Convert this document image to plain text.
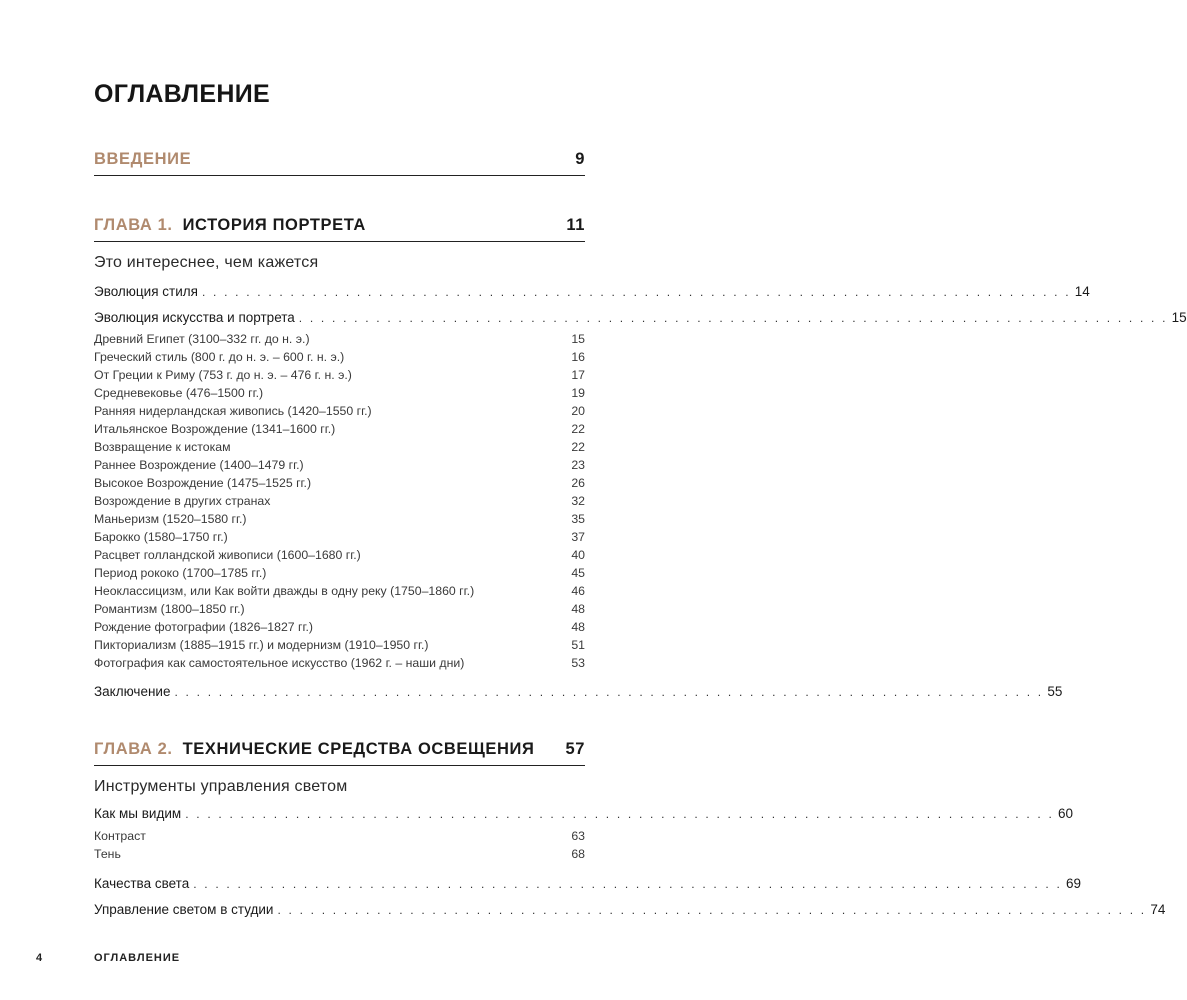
ОГЛАВЛЕНИЕ
ВВЕДЕНИЕ	9
ГЛАВА 1. ИСТОРИЯ ПОРТРЕТА	11
Это интереснее, чем кажется
Эволюция стиля . . . . . . . . . . . . . . . . . . . . . . . . . . . . . . . . . . . . . . . . . . . . . . . . . . . . . . . . . . . . . . . . . . . . . . . . . . . . . . . 14
Эволюция искусства и портрета . . . . . . . . . . . . . . . . . . . . . . . . . . . . . . . . . . . . . . . . . . . . . . . . . . . . . . . . . . . . . . . . . . . . . . . . . . . . . . . 15
Древний Египет (3100–332 гг. до н. э.)	15
Греческий стиль (800 г. до н. э. – 600 г. н. э.)	16
От Греции к Риму (753 г. до н. э. – 476 г. н. э.)	17
Средневековье (476–1500 гг.)	19
Ранняя нидерландская живопись (1420–1550 гг.)	20
Итальянское Возрождение (1341–1600 гг.)	22
Возвращение к истокам	22
Раннее Возрождение (1400–1479 гг.)	23
Высокое Возрождение (1475–1525 гг.)	26
Возрождение в других странах	32
Маньеризм (1520–1580 гг.)	35
Барокко (1580–1750 гг.)	37
Расцвет голландской живописи (1600–1680 гг.)	40
Период рококо (1700–1785 гг.)	45
Неоклассицизм, или Как войти дважды в одну реку (1750–1860 гг.)	46
Романтизм (1800–1850 гг.)	48
Рождение фотографии (1826–1827 гг.)	48
Пикториализм (1885–1915 гг.) и модернизм (1910–1950 гг.)	51
Фотография как самостоятельное искусство (1962 г. – наши дни)	53
Заключение . . . . . . . . . . . . . . . . . . . . . . . . . . . . . . . . . . . . . . . . . . . . . . . . . . . . . . . . . . . . . . . . . . . . . . . . . . . . . . . 55
ГЛАВА 2. ТЕХНИЧЕСКИЕ СРЕДСТВА ОСВЕЩЕНИЯ 57
Инструменты управления светом
Как мы видим . . . . . . . . . . . . . . . . . . . . . . . . . . . . . . . . . . . . . . . . . . . . . . . . . . . . . . . . . . . . . . . . . . . . . . . . . . . . . . . 60
Контраст	63
Тень	68
Качества света . . . . . . . . . . . . . . . . . . . . . . . . . . . . . . . . . . . . . . . . . . . . . . . . . . . . . . . . . . . . . . . . . . . . . . . . . . . . . . . 69
Управление светом в студии . . . . . . . . . . . . . . . . . . . . . . . . . . . . . . . . . . . . . . . . . . . . . . . . . . . . . . . . . . . . . . . . . . . . . . . . . . . . . . . 74
4	ОГЛАВЛЕНИЕ
